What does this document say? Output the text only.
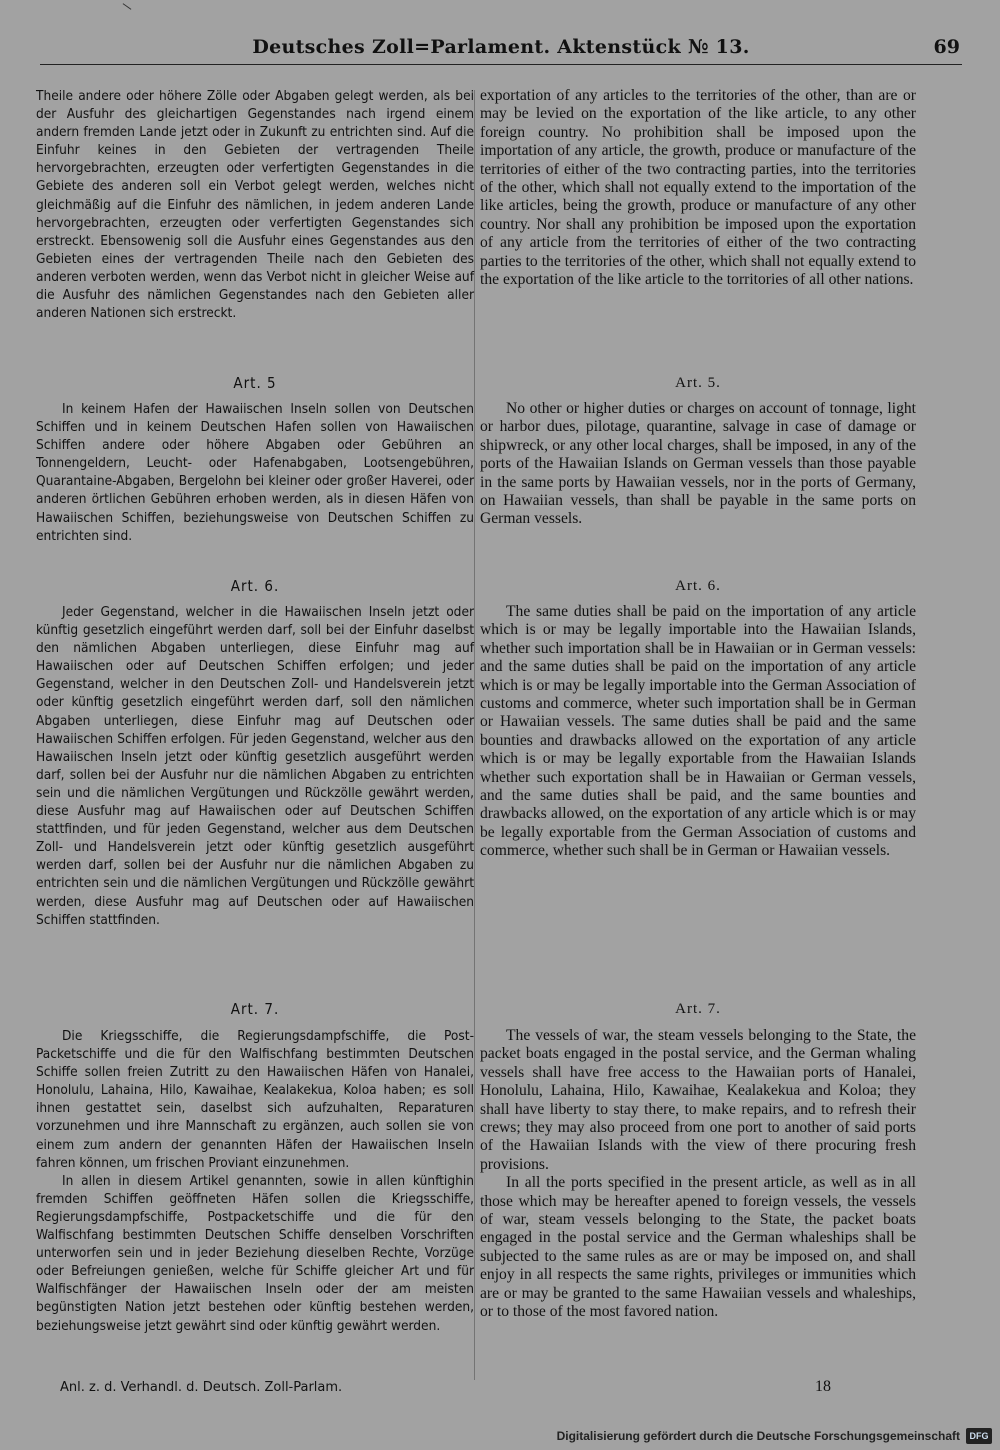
Deutsches Zoll=Parlament. Aktenstück № 13.	69

Theile andere oder höhere Zölle oder Abgaben gelegt werden, als bei der Ausfuhr des gleichartigen Gegenstandes nach irgend einem andern fremden Lande jetzt oder in Zukunft zu entrichten sind. Auf die Einfuhr keines in den Gebieten der vertragenden Theile hervorgebrachten, erzeugten oder verfertigten Gegenstandes in die Gebiete des anderen soll ein Verbot gelegt werden, welches nicht gleichmäßig auf die Einfuhr des nämlichen, in jedem anderen Lande hervorgebrachten, erzeugten oder verfertigten Gegenstandes sich erstreckt. Ebensowenig soll die Ausfuhr eines Gegenstandes aus den Gebieten eines der vertragenden Theile nach den Gebieten des anderen verboten werden, wenn das Verbot nicht in gleicher Weise auf die Ausfuhr des nämlichen Gegenstandes nach den Gebieten aller anderen Nationen sich erstreckt.

Art. 5

In keinem Hafen der Hawaiischen Inseln sollen von Deutschen Schiffen und in keinem Deutschen Hafen sollen von Hawaiischen Schiffen andere oder höhere Abgaben oder Gebühren an Tonnengeldern, Leucht- oder Hafenabgaben, Lootsengebühren, Quarantaine-Abgaben, Bergelohn bei kleiner oder großer Haverei, oder anderen örtlichen Gebühren erhoben werden, als in diesen Häfen von Hawaiischen Schiffen, beziehungsweise von Deutschen Schiffen zu entrichten sind.

Art. 6.

Jeder Gegenstand, welcher in die Hawaiischen Inseln jetzt oder künftig gesetzlich eingeführt werden darf, soll bei der Einfuhr daselbst den nämlichen Abgaben unterliegen, diese Einfuhr mag auf Hawaiischen oder auf Deutschen Schiffen erfolgen; und jeder Gegenstand, welcher in den Deutschen Zoll- und Handelsverein jetzt oder künftig gesetzlich eingeführt werden darf, soll den nämlichen Abgaben unterliegen, diese Einfuhr mag auf Deutschen oder Hawaiischen Schiffen erfolgen. Für jeden Gegenstand, welcher aus den Hawaiischen Inseln jetzt oder künftig gesetzlich ausgeführt werden darf, sollen bei der Ausfuhr nur die nämlichen Abgaben zu entrichten sein und die nämlichen Vergütungen und Rückzölle gewährt werden, diese Ausfuhr mag auf Hawaiischen oder auf Deutschen Schiffen stattfinden, und für jeden Gegenstand, welcher aus dem Deutschen Zoll- und Handelsverein jetzt oder künftig gesetzlich ausgeführt werden darf, sollen bei der Ausfuhr nur die nämlichen Abgaben zu entrichten sein und die nämlichen Vergütungen und Rückzölle gewährt werden, diese Ausfuhr mag auf Deutschen oder auf Hawaiischen Schiffen stattfinden.

Art. 7.

Die Kriegsschiffe, die Regierungsdampfschiffe, die Post-Packetschiffe und die für den Walfischfang bestimmten Deutschen Schiffe sollen freien Zutritt zu den Hawaiischen Häfen von Hanalei, Honolulu, Lahaina, Hilo, Kawaihae, Kealakekua, Koloa haben; es soll ihnen gestattet sein, daselbst sich aufzuhalten, Reparaturen vorzunehmen und ihre Mannschaft zu ergänzen, auch sollen sie von einem zum andern der genannten Häfen der Hawaiischen Inseln fahren können, um frischen Proviant einzunehmen.

In allen in diesem Artikel genannten, sowie in allen künftighin fremden Schiffen geöffneten Häfen sollen die Kriegsschiffe, Regierungsdampfschiffe, Postpacketschiffe und die für den Walfischfang bestimmten Deutschen Schiffe denselben Vorschriften unterworfen sein und in jeder Beziehung dieselben Rechte, Vorzüge oder Befreiungen genießen, welche für Schiffe gleicher Art und für Walfischfänger der Hawaiischen Inseln oder der am meisten begünstigten Nation jetzt bestehen oder künftig bestehen werden, beziehungsweise jetzt gewährt sind oder künftig gewährt werden.

exportation of any articles to the territories of the other, than are or may be levied on the exportation of the like article, to any other foreign country. No prohibition shall be imposed upon the importation of any article, the growth, produce or manufacture of the territories of either of the two contracting parties, into the territories of the other, which shall not equally extend to the importation of the like articles, being the growth, produce or manufacture of any other country. Nor shall any prohibition be imposed upon the exportation of any article from the territories of either of the two contracting parties to the territories of the other, which shall not equally extend to the exportation of the like article to the torritories of all other nations.

Art. 5.

No other or higher duties or charges on account of tonnage, light or harbor dues, pilotage, quarantine, salvage in case of damage or shipwreck, or any other local charges, shall be imposed, in any of the ports of the Hawaiian Islands on German vessels than those payable in the same ports by Hawaiian vessels, nor in the ports of Germany, on Hawaiian vessels, than shall be payable in the same ports on German vessels.

Art. 6.

The same duties shall be paid on the importation of any article which is or may be legally importable into the Hawaiian Islands, whether such importation shall be in Hawaiian or in German vessels: and the same duties shall be paid on the importation of any article which is or may be legally importable into the German Association of customs and commerce, wheter such importation shall be in German or Hawaiian vessels. The same duties shall be paid and the same bounties and drawbacks allowed on the exportation of any article which is or may be legally exportable from the Hawaiian Islands whether such exportation shall be in Hawaiian or German vessels, and the same duties shall be paid, and the same bounties and drawbacks allowed, on the exportation of any article which is or may be legally exportable from the German Association of customs and commerce, whether such shall be in German or Hawaiian vessels.

Art. 7.

The vessels of war, the steam vessels belonging to the State, the packet boats engaged in the postal service, and the German whaling vessels shall have free access to the Hawaiian ports of Hanalei, Honolulu, Lahaina, Hilo, Kawaihae, Kealakekua and Koloa; they shall have liberty to stay there, to make repairs, and to refresh their crews; they may also proceed from one port to another of said ports of the Hawaiian Islands with the view of there procuring fresh provisions.

In all the ports specified in the present article, as well as in all those which may be hereafter apened to foreign vessels, the vessels of war, steam vessels belonging to the State, the packet boats engaged in the postal service and the German whaleships shall be subjected to the same rules as are or may be imposed on, and shall enjoy in all respects the same rights, privileges or immunities which are or may be granted to the same Hawaiian vessels and whaleships, or to those of the most favored nation.

Anl. z. d. Verhandl. d. Deutsch. Zoll-Parlam.	18
Digitalisierung gefördert durch die Deutsche Forschungsgemeinschaft	DFG
